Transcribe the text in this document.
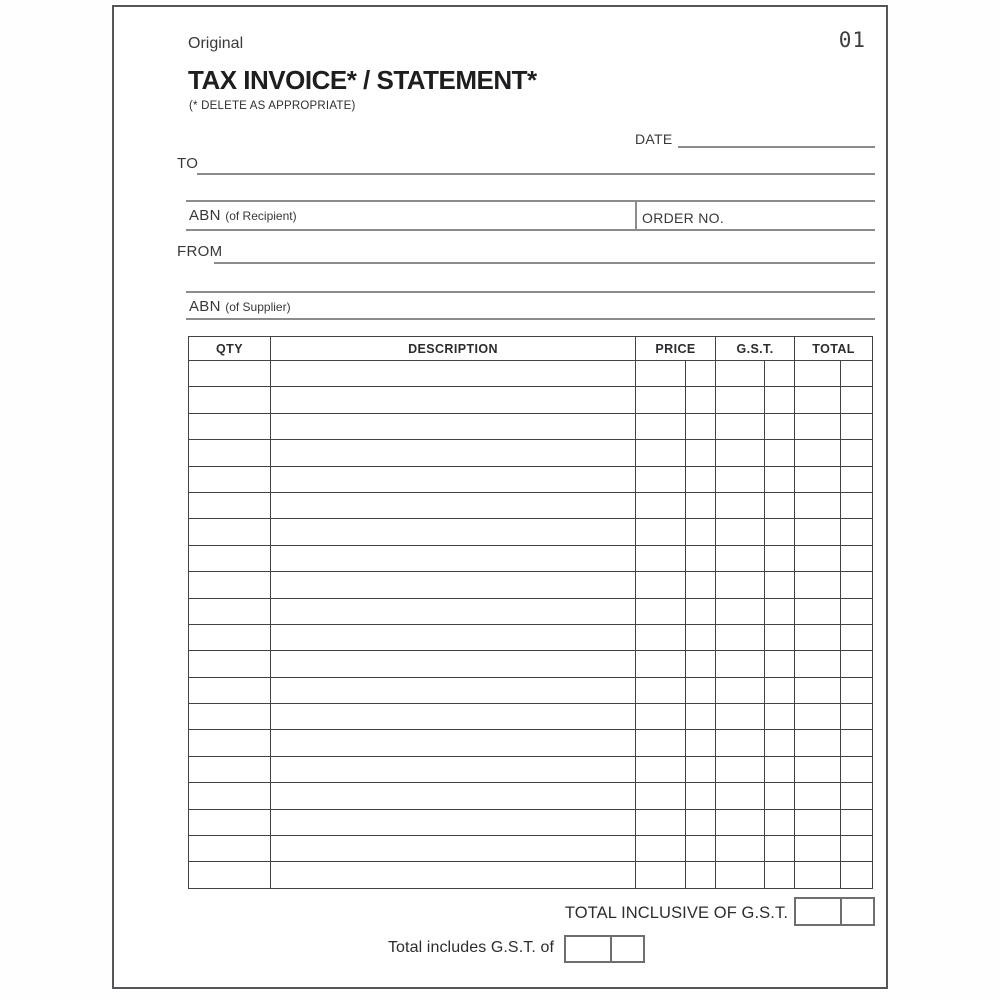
Original	01
TAX INVOICE* / STATEMENT*
(* DELETE AS APPROPRIATE)
DATE
TO
ABN (of Recipient)	ORDER NO.
FROM
ABN (of Supplier)
QTY	DESCRIPTION	PRICE		G.S.T.		TOTAL	

TOTAL INCLUSIVE OF G.S.T.
Total includes G.S.T. of
